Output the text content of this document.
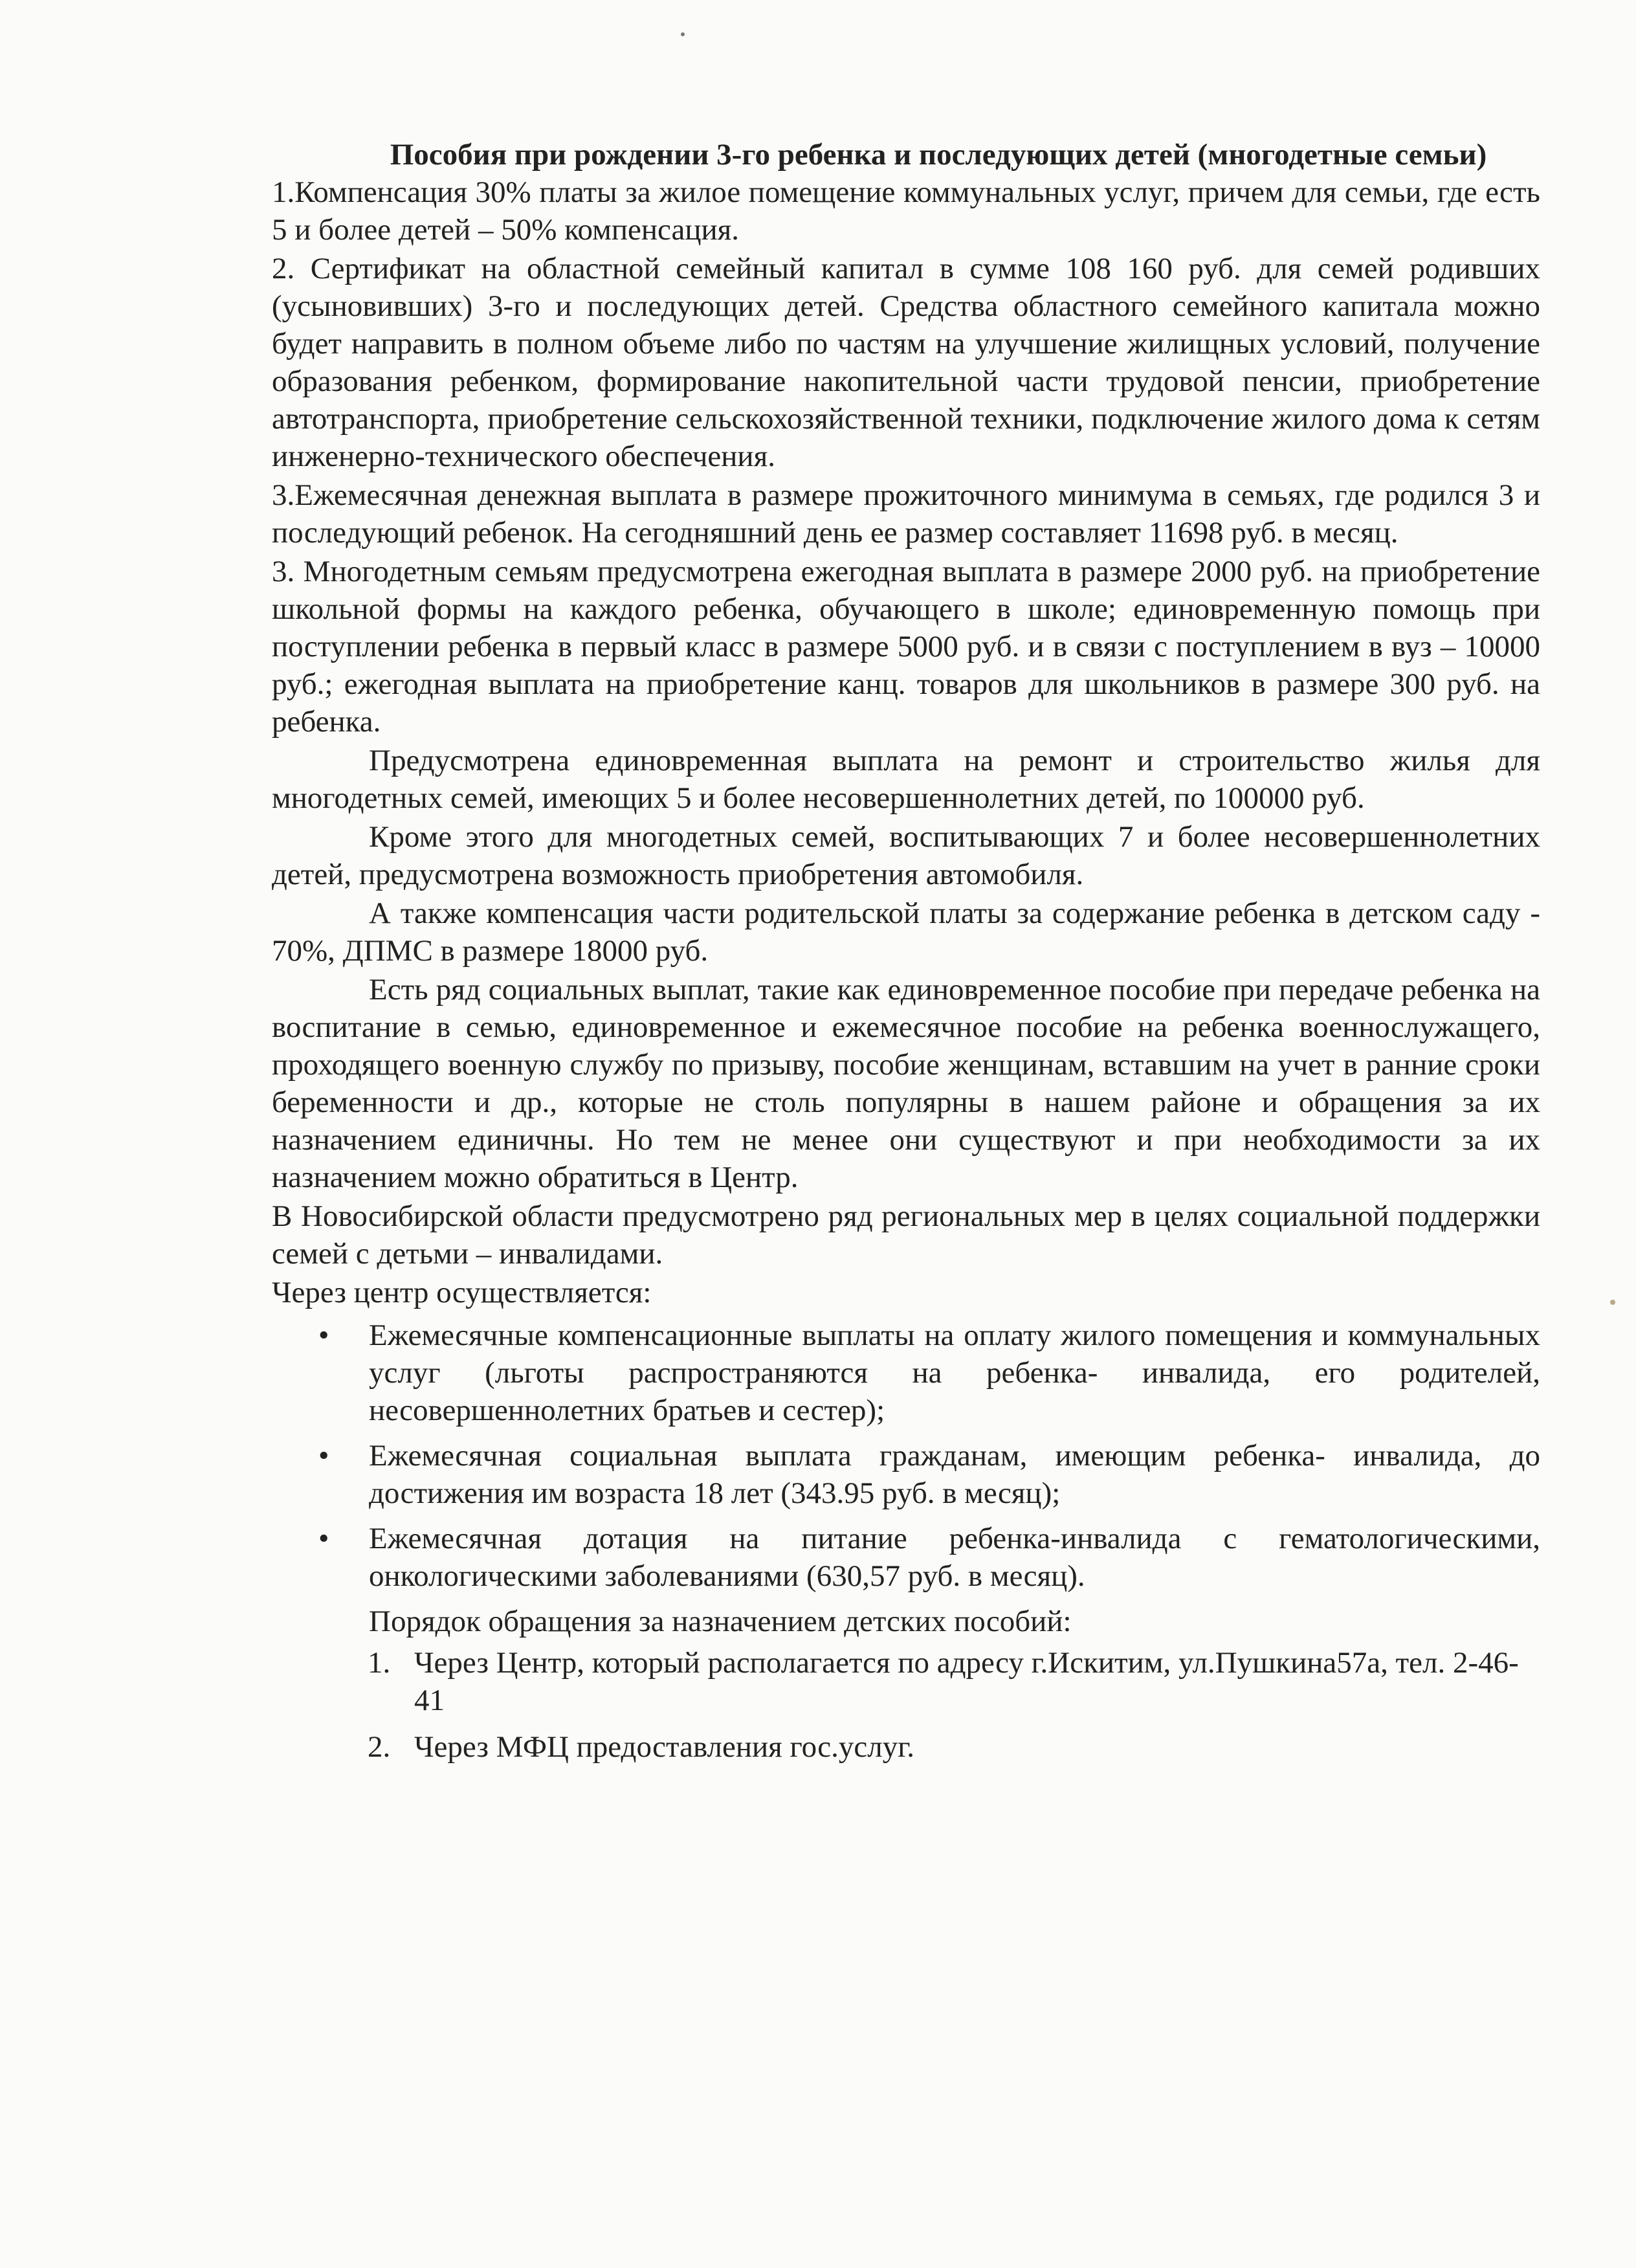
Пособия при рождении 3-го ребенка и последующих детей (многодетные семьи)

1.Компенсация 30% платы за жилое помещение коммунальных услуг, причем для семьи, где есть 5 и более детей – 50% компенсация.

2. Сертификат на областной семейный капитал в сумме 108 160 руб. для семей родивших (усыновивших) 3-го и последующих детей. Средства областного семейного капитала можно будет направить в полном объеме либо по частям на улучшение жилищных условий, получение образования ребенком, формирование накопительной части трудовой пенсии, приобретение автотранспорта, приобретение сельскохозяйственной техники, подключение жилого дома к сетям инженерно-технического обеспечения.

3.Ежемесячная денежная выплата в размере прожиточного минимума в семьях, где родился 3 и последующий ребенок. На сегодняшний день ее размер составляет 11698 руб. в месяц.

3. Многодетным семьям предусмотрена ежегодная выплата в размере 2000 руб. на приобретение школьной формы на каждого ребенка, обучающего в школе; единовременную помощь при поступлении ребенка в первый класс в размере 5000 руб. и в связи с поступлением в вуз – 10000 руб.; ежегодная выплата на приобретение канц. товаров для школьников в размере 300 руб. на ребенка.

Предусмотрена единовременная выплата на ремонт и строительство жилья для многодетных семей, имеющих 5 и более несовершеннолетних детей, по 100000 руб.

Кроме этого для многодетных семей, воспитывающих 7 и более несовершеннолетних детей, предусмотрена возможность приобретения автомобиля.

А также компенсация части родительской платы за содержание ребенка в детском саду - 70%, ДПМС в размере 18000 руб.

Есть ряд социальных выплат, такие как единовременное пособие при передаче ребенка на воспитание в семью, единовременное и ежемесячное пособие на ребенка военнослужащего, проходящего военную службу по призыву, пособие женщинам, вставшим на учет в ранние сроки беременности и др., которые не столь популярны в нашем районе и обращения за их назначением единичны. Но тем не менее они существуют и при необходимости за их назначением можно обратиться в Центр.

В Новосибирской области предусмотрено ряд региональных мер в целях социальной поддержки семей с детьми – инвалидами.

Через центр осуществляется:

• Ежемесячные компенсационные выплаты на оплату жилого помещения и коммунальных услуг (льготы распространяются на ребенка- инвалида, его родителей, несовершеннолетних братьев и сестер);
• Ежемесячная социальная выплата гражданам, имеющим ребенка- инвалида, до достижения им возраста 18 лет (343.95 руб. в месяц);
• Ежемесячная дотация на питание ребенка-инвалида с гематологическими, онкологическими заболеваниями (630,57 руб. в месяц).

Порядок обращения за назначением детских пособий:

1. Через Центр, который располагается по адресу г.Искитим, ул.Пушкина57а, тел. 2-46-41
2. Через МФЦ предоставления гос.услуг.
